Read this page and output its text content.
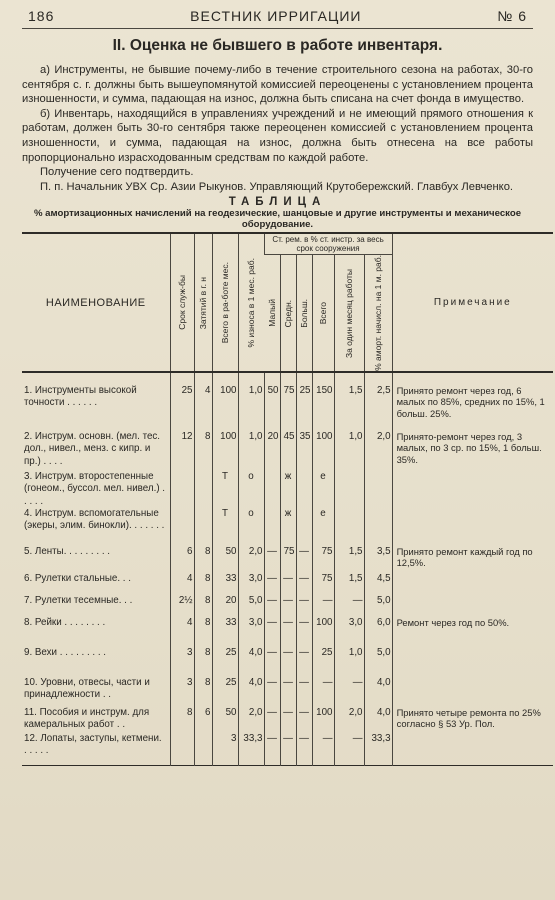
186	ВЕСТНИК ИРРИГАЦИИ	№ 6
II. Оценка не бывшего в работе инвентаря.

а) Инструменты, не бывшие почему-либо в течение строительного сезона на работах, 30-го сентября с. г. должны быть вышеупомянутой комиссией переоценены с установлением процента изношенности, и сумма, падающая на износ, должна быть списана на счет фонда в имущество.

б) Инвентарь, находящийся в управлениях учреждений и не имеющий прямого отношения к работам, должен быть 30-го сентября также переоценен комиссией с установлением процента изношенности, и сумма, падающая на износ, должна быть отнесена на все работы пропорционально израсходованным средствам по каждой работе.

Получение сего подтвердить.

П. п. Начальник УВХ Ср. Азии Рыкунов. Управляющий Крутобережский. Главбух Левченко.

ТАБЛИЦА
% амортизационных начислений на геодезические, шанцовые и другие инструменты и механическое оборудование.
НАИМЕНОВАНИЕ	Срок служ-бы	Затятий в г. н	Всего в ра-боте мес.	% износа в 1 мес. раб.	Ст. рем. в % ст. инстр. за весь срок сооружения						Примечание

					Малый	Средн.	Больш.	Всего	За один месяц работы	% аморт. начисл. на 1 м. раб.	

1. Инструменты высокой точности . . . . . .	25	4	100	1,0	50	75	25	150	1,5	2,5	Принято ремонт через год, 6 малых по 85%, средних по 15%, 1 больш. 25%.
2. Инструм. основн. (мел. тес. дол., нивел., менз. с кипр. и пр.) . . . .	12	8	100	1,0	20	45	35	100	1,0	2,0	Принято-ремонт через год, 3 малых, по 3 ср. по 15%, 1 больш. 35%.
3. Инструм. второстепенные (гонеом., буссол. мел. нивел.) . . . . .			Т	о		ж		е			
4. Инструм. вспомогательные (экеры, элим. бинокли). . . . . . .			Т	о		ж		е			
5. Ленты. . . . . . . . .	6	8	50	2,0	—	75	—	75	1,5	3,5	Принято ремонт каждый год по 12,5%.
6. Рулетки стальные. . .	4	8	33	3,0	—	—	—	75	1,5	4,5	
7. Рулетки тесемные. . .	2½	8	20	5,0	—	—	—	—	—	5,0	
8. Рейки . . . . . . . .	4	8	33	3,0	—	—	—	100	3,0	6,0	Ремонт через год по 50%.
9. Вехи . . . . . . . . .	3	8	25	4,0	—	—	—	25	1,0	5,0	
10. Уровни, отвесы, части и принадлежности . .	3	8	25	4,0	—	—	—	—	—	4,0	
11. Пособия и инструм. для камеральных работ . .	8	6	50	2,0	—	—	—	100	2,0	4,0	Принято четыре ремонта по 25% согласно § 53 Ур. Пол.
12. Лопаты, заступы, кетмени. . . . . .			3	33,3	—	—	—	—	—	33,3	
